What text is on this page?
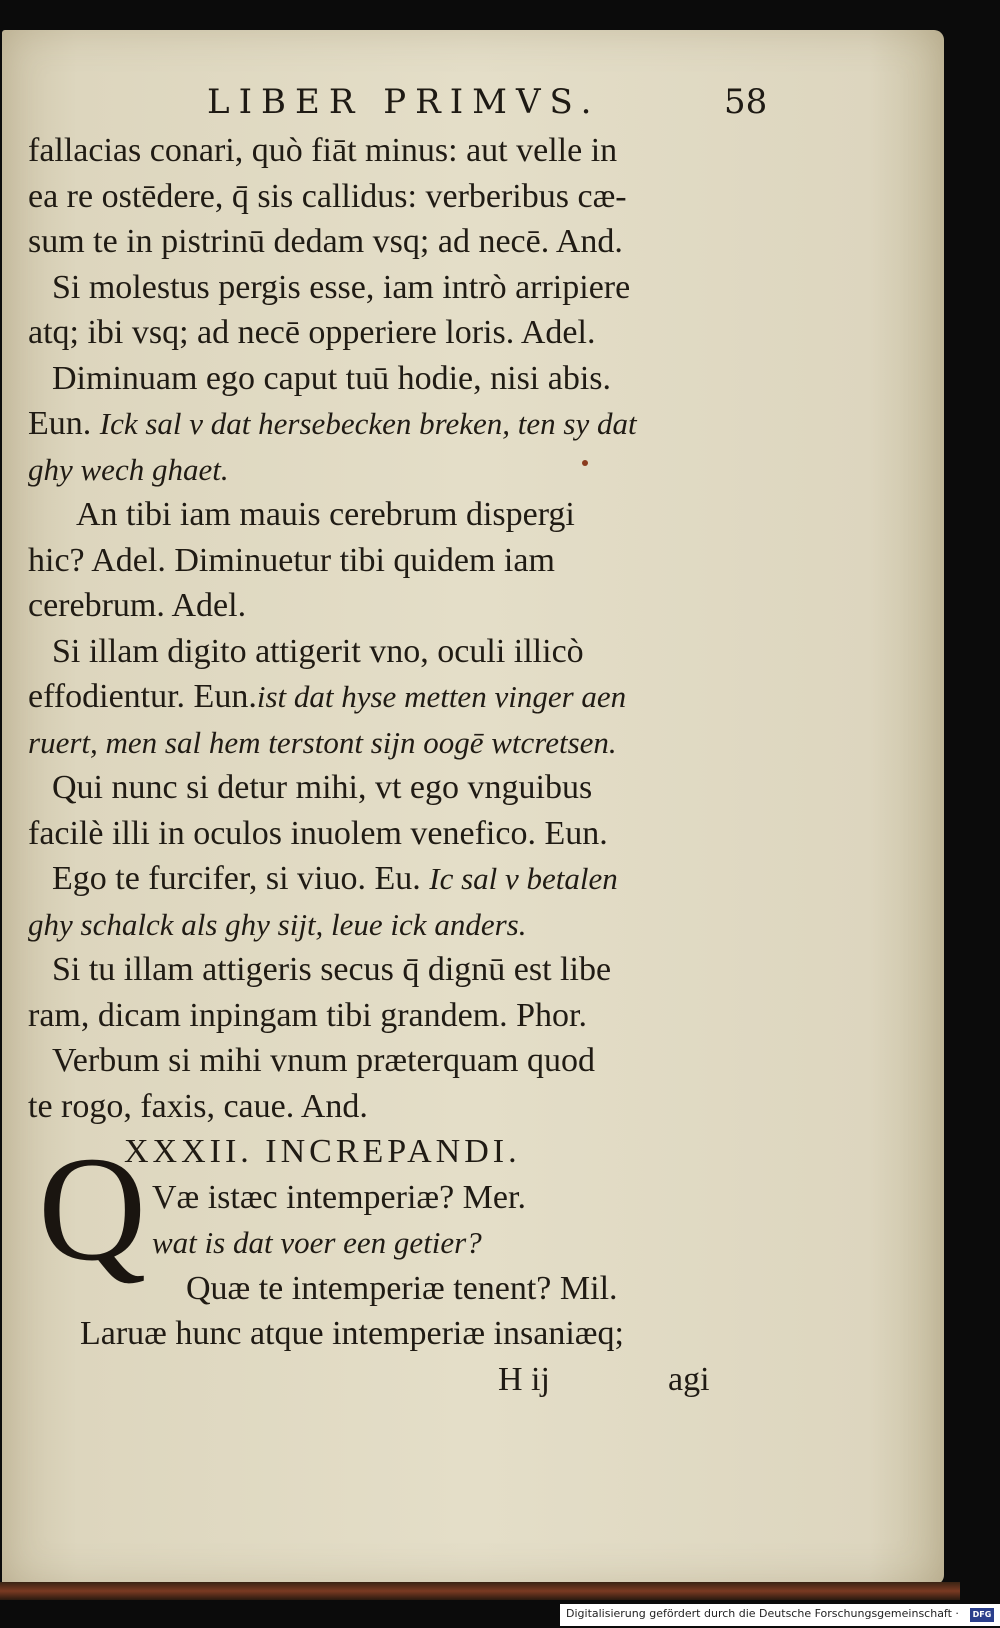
LIBER PRIMVS.	58
Q
fallacias conari, quò fiāt minus: aut velle in
ea re ostēdere, q̄ sis callidus: verberibus cæ-
sum te in pistrinū dedam vsq; ad necē. And.
Si molestus pergis esse, iam intrò arripiere
atq; ibi vsq; ad necē opperiere loris. Adel.
Diminuam ego caput tuū hodie, nisi abis.
Eun. Ick sal v dat hersebecken breken, ten sy dat
ghy wech ghaet.
An tibi iam mauis cerebrum dispergi
hic? Adel. Diminuetur tibi quidem iam
cerebrum. Adel.
Si illam digito attigerit vno, oculi illicò
effodientur. Eun.ist dat hyse metten vinger aen
ruert, men sal hem terstont sijn oogē wtcretsen.
Qui nunc si detur mihi, vt ego vnguibus
facilè illi in oculos inuolem venefico. Eun.
Ego te furcifer, si viuo. Eu. Ic sal v betalen
ghy schalck als ghy sijt, leue ick anders.
Si tu illam attigeris secus q̄ dignū est libe
ram, dicam inpingam tibi grandem. Phor.
Verbum si mihi vnum præterquam quod
te rogo, faxis, caue. And.
XXXII. INCREPANDI.
Væ istæc intemperiæ? Mer.
wat is dat voer een getier?
Quæ te intemperiæ tenent? Mil.
Laruæ hunc atque intemperiæ insaniæq;
H ij	agi
Digitalisierung gefördert durch die Deutsche Forschungsgemeinschaft ·	DFG
